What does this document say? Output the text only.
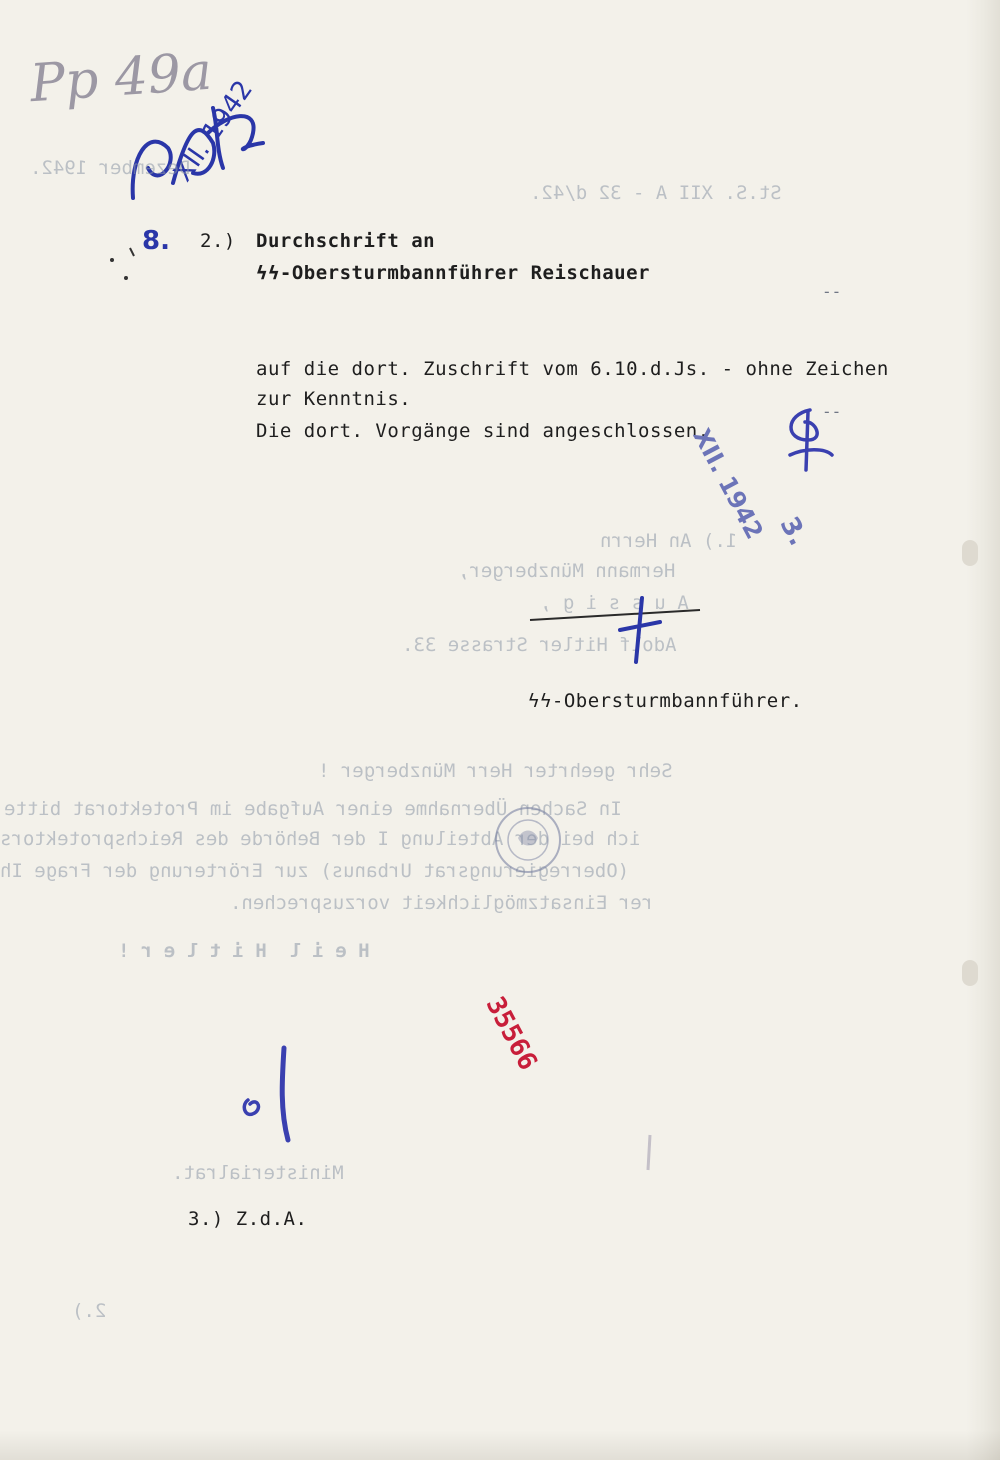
Pp 49a
XII. 1942
8.
Dezember 1942.
St.S. XII A - 32 d/42.
2.) Durchschrift an
ϟϟ-Obersturmbannführer Reischauer
--
auf die dort. Zuschrift vom 6.10.d.Js. - ohne Zeichen
zur Kenntnis.
Die dort. Vorgänge sind angeschlossen.
--
XII. 1942 3.
1.) An Herrn
Hermann Münzberger,
A u s s i g ,
Adolf Hitler Strasse 33.
ϟϟ-Obersturmbannführer.
Sehr geehrter Herr Münzberger !
In Sachen Übernahme einer Aufgabe im Protektorat bitte
ich bei der Abteilung I der Behörde des Reichsprotektors
(Oberregierungsrat Urbanus) zur Erörterung der Frage Ih
rer Einsatzmöglichkeit vorzusprechen.
H e i l  H i t l e r !
35566
Ministerialrat.
3.) Z.d.A.
2.)
